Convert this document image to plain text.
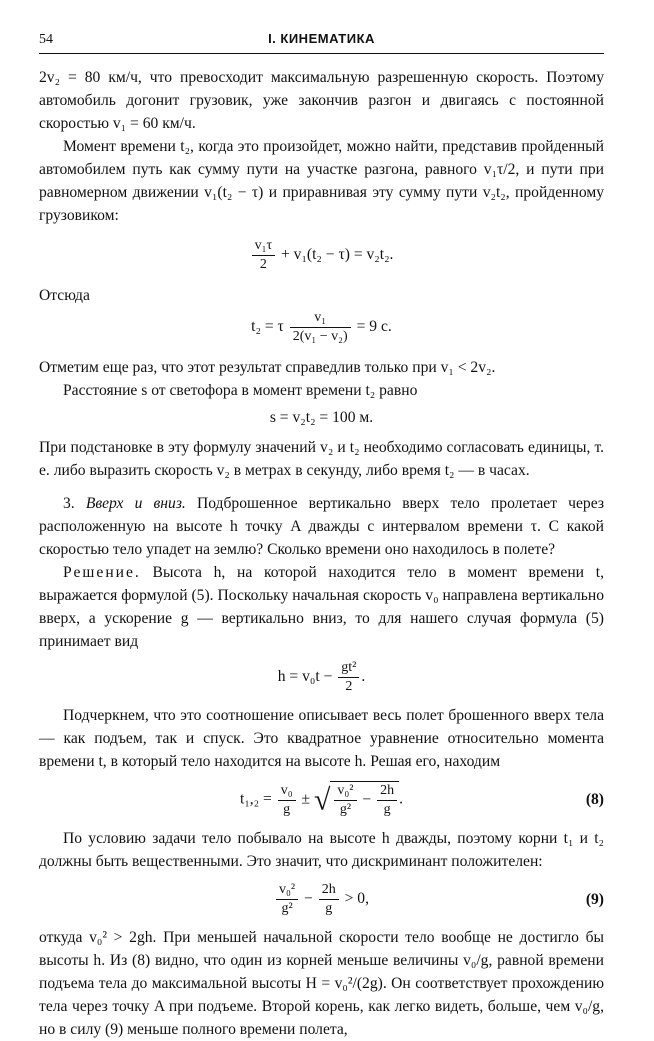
54	I. КИНЕМАТИКА

2v₂ = 80 км/ч, что превосходит максимальную разрешенную скорость. Поэтому автомобиль догонит грузовик, уже закончив разгон и двигаясь с постоянной скоростью v₁ = 60 км/ч.

Момент времени t₂, когда это произойдет, можно найти, представив пройденный автомобилем путь как сумму пути на участке разгона, равного v₁τ/2, и пути при равномерном движении v₁(t₂ − τ) и приравнивая эту сумму пути v₂t₂, пройденному грузовиком:

$\frac{\text{v₁τ}}{2} + v_1(t_2 - \tau) = v_2t_2$.

Отсюда

t₂ = τ $\frac{\text{v₁}}{\text{2(v₁ − v₂)}} = 9$ с.

Отметим еще раз, что этот результат справедлив только при v₁ < 2v₂.

Расстояние s от светофора в момент времени t₂ равно

s = v₂t₂ = 100 м.

При подстановке в эту формулу значений v₂ и t₂ необходимо согласовать единицы, т. е. либо выразить скорость v₂ в метрах в секунду, либо время t₂ — в часах.

3. Вверх и вниз. Подброшенное вертикально вверх тело пролетает через расположенную на высоте h точку A дважды с интервалом времени τ. С какой скоростью тело упадет на землю? Сколько времени оно находилось в полете?

Решение. Высота h, на которой находится тело в момент времени t, выражается формулой (5). Поскольку начальная скорость v₀ направлена вертикально вверх, а ускорение g — вертикально вниз, то для нашего случая формула (5) принимает вид

$h = v_0t - \frac{\text{gt²}}{2}$ .

Подчеркнем, что это соотношение описывает весь полет брошенного вверх тела — как подъем, так и спуск. Это квадратное уравнение относительно момента времени t, в который тело находится на высоте h. Решая его, находим

$t_1,_2 = \frac{\text{v₀}}{g}$ ± √ $\frac{\text{v₀²}}{\text{g²}} - \frac{2h}{g}$ .	(8)

По условию задачи тело побывало на высоте h дважды, поэтому корни t₁ и t₂ должны быть вещественными. Это значит, что дискриминант положителен:

$\frac{\text{v₀²}}{\text{g²}} - \frac{2h}{g} > 0$,	(9)

откуда v₀² > 2gh. При меньшей начальной скорости тело вообще не достигло бы высоты h. Из (8) видно, что один из корней меньше величины v₀/g, равной времени подъема тела до максимальной высоты H = v₀²/(2g). Он соответствует прохождению тела через точку A при подъеме. Второй корень, как легко видеть, больше, чем v₀/g, но в силу (9) меньше полного времени полета,
